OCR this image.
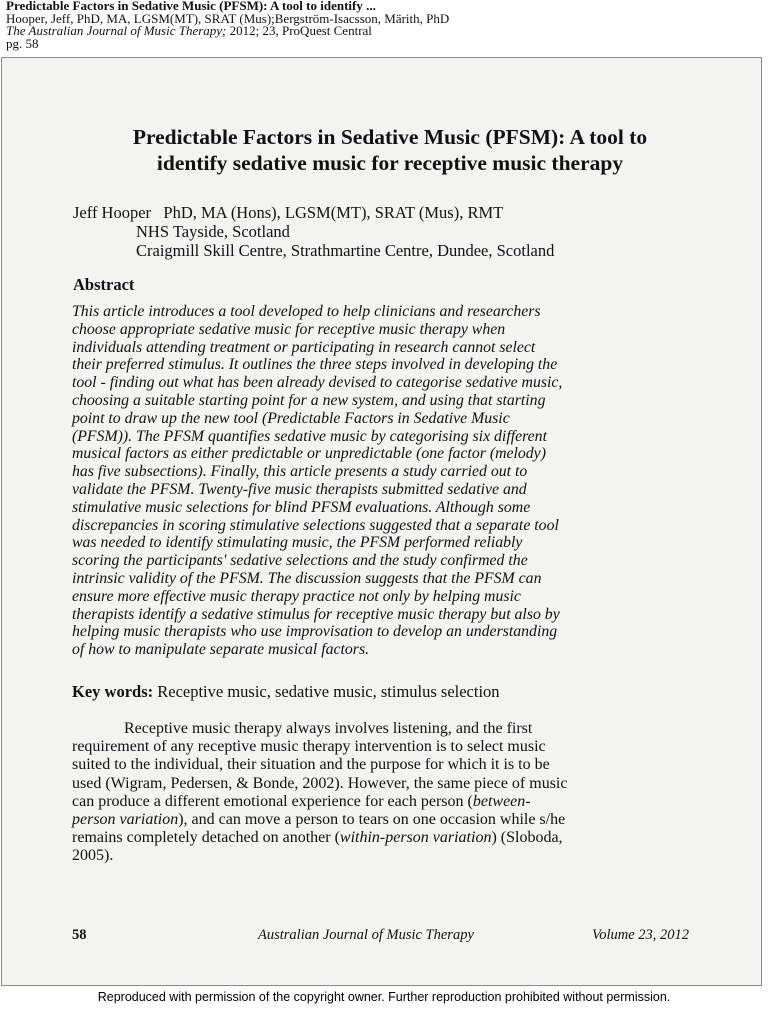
Predictable Factors in Sedative Music (PFSM): A tool to identify ...
Hooper, Jeff, PhD, MA, LGSM(MT), SRAT (Mus);Bergström-Isacsson, Märith, PhD
The Australian Journal of Music Therapy; 2012; 23, ProQuest Central
pg. 58
Predictable Factors in Sedative Music (PFSM): A tool to
identify sedative music for receptive music therapy
Jeff Hooper   PhD, MA (Hons), LGSM(MT), SRAT (Mus), RMT
NHS Tayside, Scotland
Craigmill Skill Centre, Strathmartine Centre, Dundee, Scotland
Abstract
This article introduces a tool developed to help clinicians and researchers
choose appropriate sedative music for receptive music therapy when
individuals attending treatment or participating in research cannot select
their preferred stimulus. It outlines the three steps involved in developing the
tool - finding out what has been already devised to categorise sedative music,
choosing a suitable starting point for a new system, and using that starting
point to draw up the new tool (Predictable Factors in Sedative Music
(PFSM)). The PFSM quantifies sedative music by categorising six different
musical factors as either predictable or unpredictable (one factor (melody)
has five subsections). Finally, this article presents a study carried out to
validate the PFSM. Twenty-five music therapists submitted sedative and
stimulative music selections for blind PFSM evaluations. Although some
discrepancies in scoring stimulative selections suggested that a separate tool
was needed to identify stimulating music, the PFSM performed reliably
scoring the participants' sedative selections and the study confirmed the
intrinsic validity of the PFSM. The discussion suggests that the PFSM can
ensure more effective music therapy practice not only by helping music
therapists identify a sedative stimulus for receptive music therapy but also by
helping music therapists who use improvisation to develop an understanding
of how to manipulate separate musical factors.
Key words: Receptive music, sedative music, stimulus selection
Receptive music therapy always involves listening, and the first
requirement of any receptive music therapy intervention is to select music
suited to the individual, their situation and the purpose for which it is to be
used (Wigram, Pedersen, & Bonde, 2002). However, the same piece of music
can produce a different emotional experience for each person (between-
person variation), and can move a person to tears on one occasion while s/he
remains completely detached on another (within-person variation) (Sloboda,
2005).
58	Australian Journal of Music Therapy	Volume 23, 2012
Reproduced with permission of the copyright owner. Further reproduction prohibited without permission.
